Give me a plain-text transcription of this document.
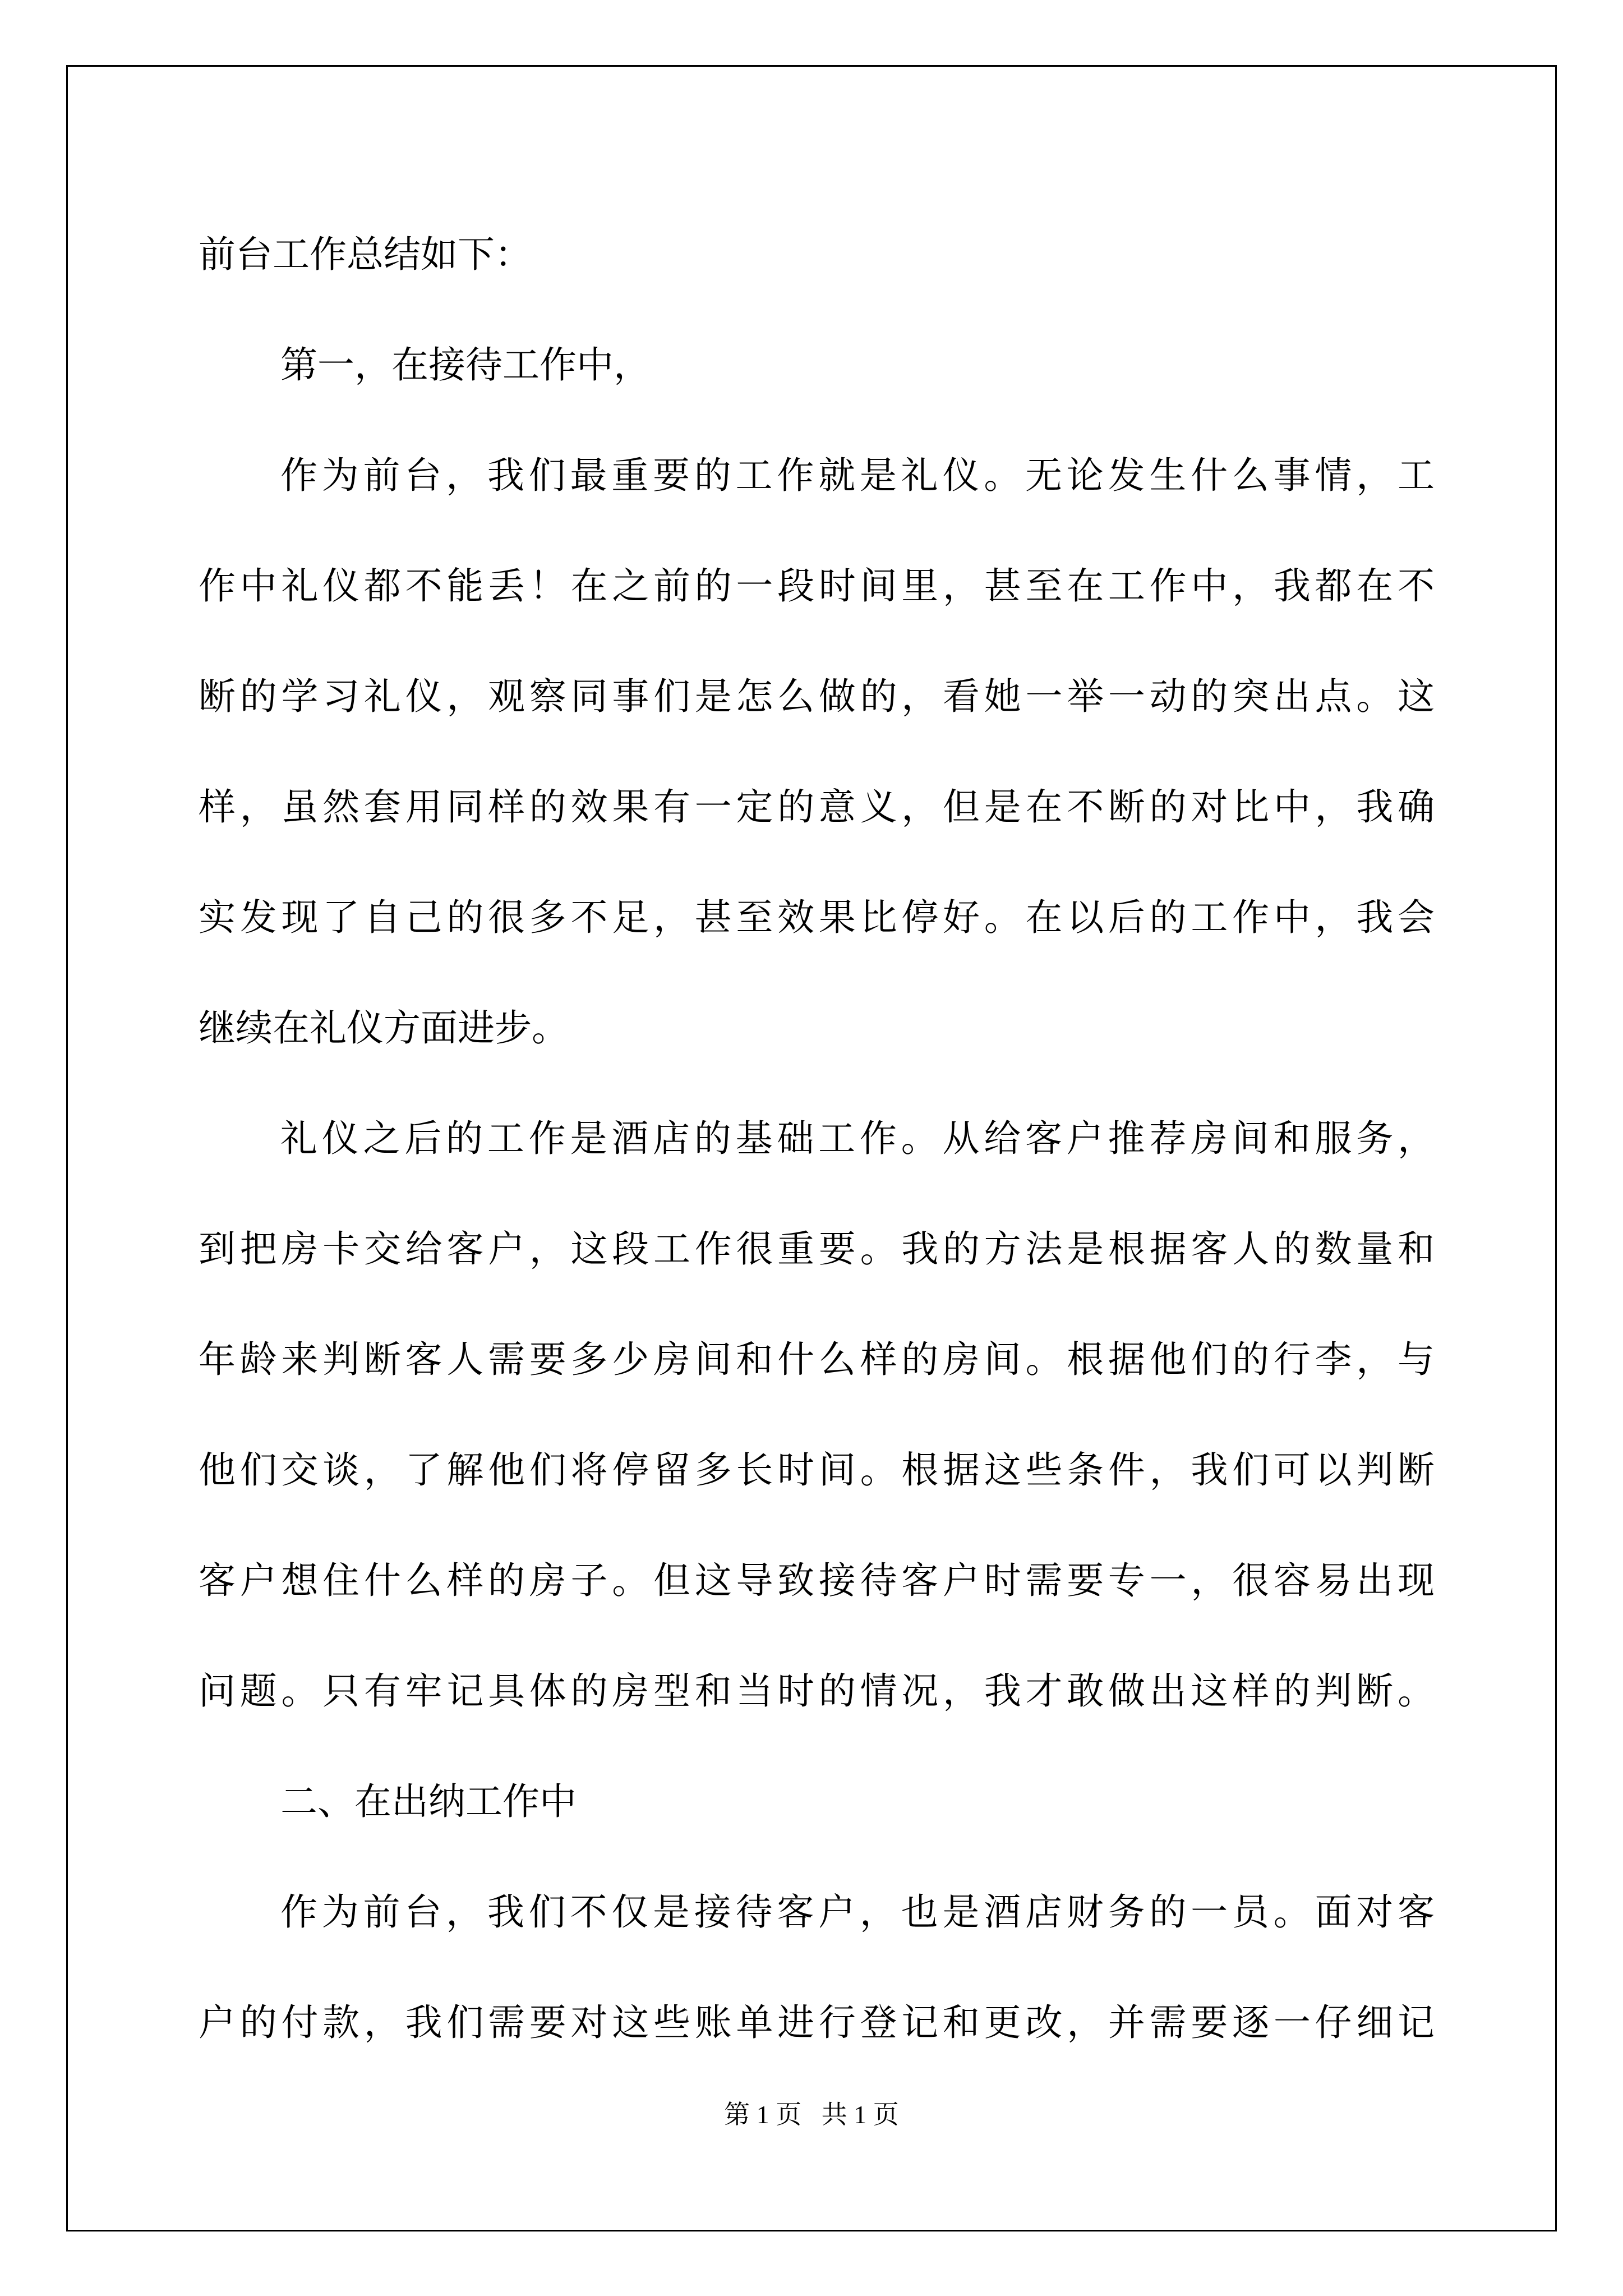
前台工作总结如下：
第一，在接待工作中，
作为前台，我们最重要的工作就是礼仪。无论发生什么事情，工
作中礼仪都不能丢！在之前的一段时间里，甚至在工作中，我都在不
断的学习礼仪，观察同事们是怎么做的，看她一举一动的突出点。这
样，虽然套用同样的效果有一定的意义，但是在不断的对比中，我确
实发现了自己的很多不足，甚至效果比停好。在以后的工作中，我会
继续在礼仪方面进步。
礼仪之后的工作是酒店的基础工作。从给客户推荐房间和服务，
到把房卡交给客户，这段工作很重要。我的方法是根据客人的数量和
年龄来判断客人需要多少房间和什么样的房间。根据他们的行李，与
他们交谈，了解他们将停留多长时间。根据这些条件，我们可以判断
客户想住什么样的房子。但这导致接待客户时需要专一，很容易出现
问题。只有牢记具体的房型和当时的情况，我才敢做出这样的判断。
二、在出纳工作中
作为前台，我们不仅是接待客户，也是酒店财务的一员。面对客
户的付款，我们需要对这些账单进行登记和更改，并需要逐一仔细记
第 1 页 共 1 页
